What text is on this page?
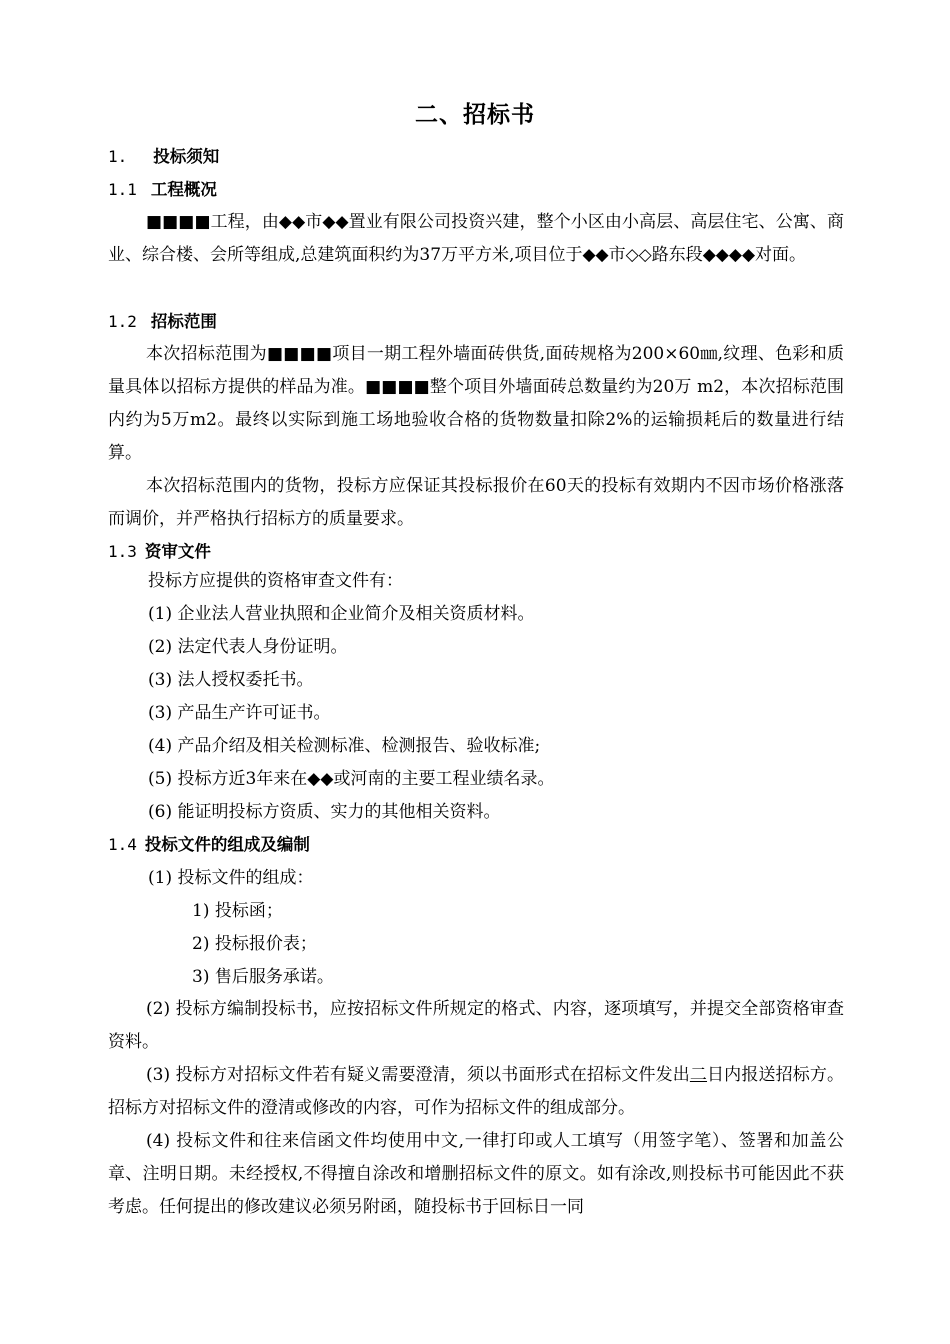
二、招标书
1. 投标须知
1.1 工程概况
■■■■工程，由◆◆市◆◆置业有限公司投资兴建，整个小区由小高层、高层住宅、公寓、商业、综合楼、会所等组成,总建筑面积约为37万平方米,项目位于◆◆市◇◇路东段◆◆◆◆对面。
1.2 招标范围
本次招标范围为■■■■项目一期工程外墙面砖供货,面砖规格为200×60㎜,纹理、色彩和质量具体以招标方提供的样品为准。■■■■整个项目外墙面砖总数量约为20万 m2，本次招标范围内约为5万m2。最终以实际到施工场地验收合格的货物数量扣除2%的运输损耗后的数量进行结算。
本次招标范围内的货物，投标方应保证其投标报价在60天的投标有效期内不因市场价格涨落而调价，并严格执行招标方的质量要求。
1.3 资审文件
投标方应提供的资格审查文件有：
(1) 企业法人营业执照和企业简介及相关资质材料。
(2) 法定代表人身份证明。
(3) 法人授权委托书。
(3) 产品生产许可证书。
(4) 产品介绍及相关检测标准、检测报告、验收标准;
(5) 投标方近3年来在◆◆或河南的主要工程业绩名录。
(6) 能证明投标方资质、实力的其他相关资料。
1.4 投标文件的组成及编制
(1) 投标文件的组成：
1) 投标函；
2) 投标报价表；
3) 售后服务承诺。
(2) 投标方编制投标书，应按招标文件所规定的格式、内容，逐项填写，并提交全部资格审查资料。
(3) 投标方对招标文件若有疑义需要澄清，须以书面形式在招标文件发出二日内报送招标方。招标方对招标文件的澄清或修改的内容，可作为招标文件的组成部分。
(4) 投标文件和往来信函文件均使用中文,一律打印或人工填写（用签字笔）、签署和加盖公章、注明日期。未经授权,不得擅自涂改和增删招标文件的原文。如有涂改,则投标书可能因此不获考虑。任何提出的修改建议必须另附函，随投标书于回标日一同
